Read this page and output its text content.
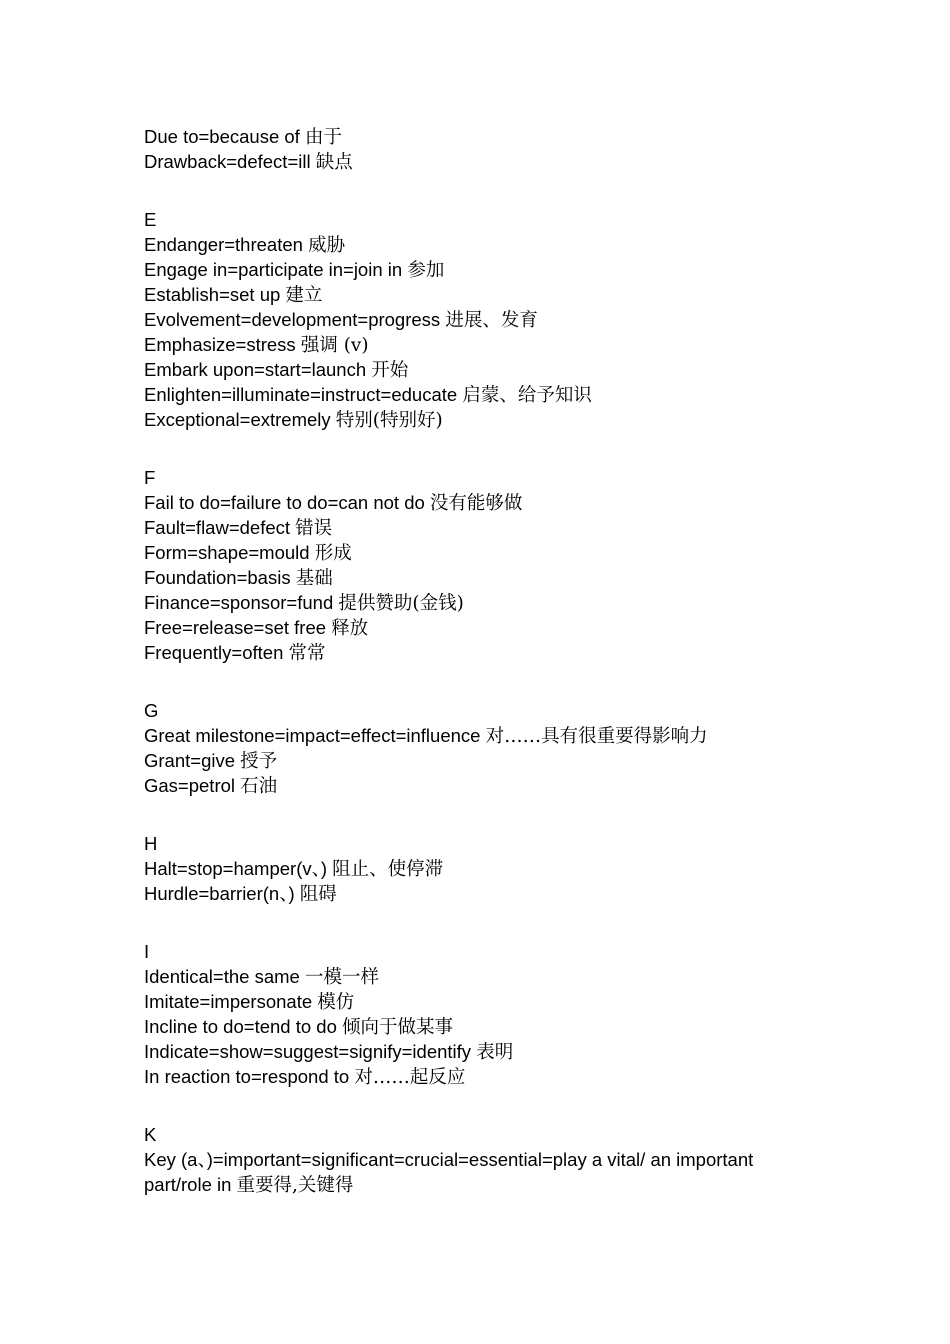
Due to=because of 由于
Drawback=defect=ill 缺点
E
Endanger=threaten 威胁
Engage in=participate in=join in 参加
Establish=set up 建立
Evolvement=development=progress 进展、发育
Emphasize=stress 强调 (v)
Embark upon=start=launch 开始
Enlighten=illuminate=instruct=educate 启蒙、给予知识
Exceptional=extremely 特别(特别好)
F
Fail to do=failure to do=can not do 没有能够做
Fault=flaw=defect 错误
Form=shape=mould 形成
Foundation=basis 基础
Finance=sponsor=fund 提供赞助(金钱)
Free=release=set free 释放
Frequently=often 常常
G
Great milestone=impact=effect=influence 对……具有很重要得影响力
Grant=give 授予
Gas=petrol 石油
H
Halt=stop=hamper(v、) 阻止、使停滞
Hurdle=barrier(n、) 阻碍
I
Identical=the same 一模一样
Imitate=impersonate 模仿
Incline to do=tend to do 倾向于做某事
Indicate=show=suggest=signify=identify 表明
In reaction to=respond to 对……起反应
K
Key (a、)=important=significant=crucial=essential=play a vital/ an important part/role in 重要得,关键得
